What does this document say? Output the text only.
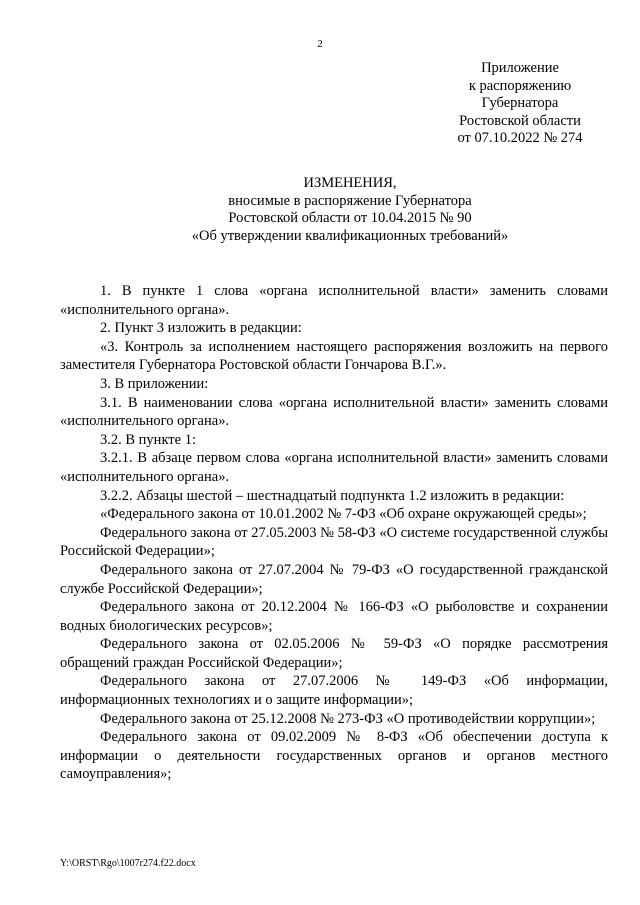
2
Приложение
к распоряжению
Губернатора
Ростовской области
от 07.10.2022 № 274
ИЗМЕНЕНИЯ,
вносимые в распоряжение Губернатора
Ростовской области от 10.04.2015 № 90
«Об утверждении квалификационных требований»

1. В пункте 1 слова «органа исполнительной власти» заменить словами «исполнительного органа».

2. Пункт 3 изложить в редакции:

«3. Контроль за исполнением настоящего распоряжения возложить на первого заместителя Губернатора Ростовской области Гончарова В.Г.».

3. В приложении:

3.1. В наименовании слова «органа исполнительной власти» заменить словами «исполнительного органа».

3.2. В пункте 1:

3.2.1. В абзаце первом слова «органа исполнительной власти» заменить словами «исполнительного органа».

3.2.2. Абзацы шестой – шестнадцатый подпункта 1.2 изложить в редакции:

«Федерального закона от 10.01.2002 № 7-ФЗ «Об охране окружающей среды»;

Федерального закона от 27.05.2003 № 58-ФЗ «О системе государственной службы Российской Федерации»;

Федерального закона от 27.07.2004 № 79-ФЗ «О государственной гражданской службе Российской Федерации»;

Федерального закона от 20.12.2004 № 166-ФЗ «О рыболовстве и сохранении водных биологических ресурсов»;

Федерального закона от 02.05.2006 № 59-ФЗ «О порядке рассмотрения обращений граждан Российской Федерации»;

Федерального закона от 27.07.2006 № 149-ФЗ «Об информации, информационных технологиях и о защите информации»;

Федерального закона от 25.12.2008 № 273-ФЗ «О противодействии коррупции»;

Федерального закона от 09.02.2009 № 8-ФЗ «Об обеспечении доступа к информации о деятельности государственных органов и органов местного самоуправления»;

Y:\ORST\Rgo\1007r274.f22.docx
